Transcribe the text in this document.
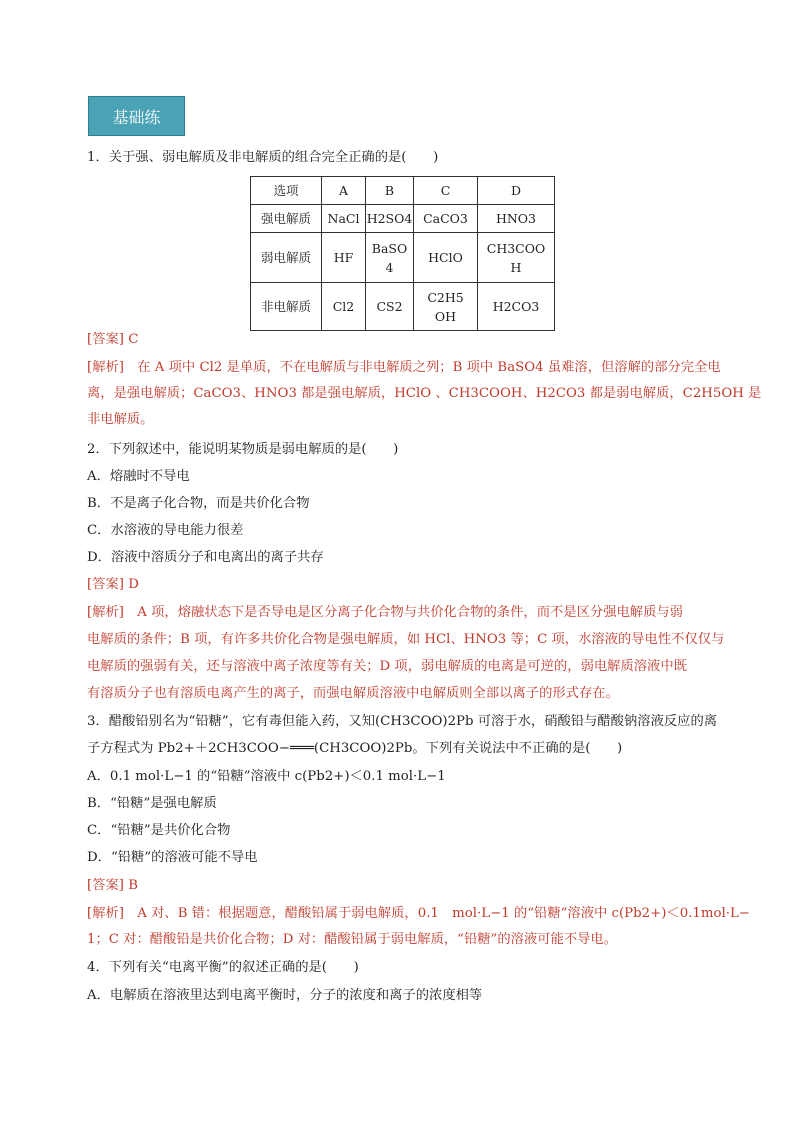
基础练
1．关于强、弱电解质及非电解质的组合完全正确的是(　　)
选项	A	B	C	D
强电解质	NaCl	H2SO4	CaCO3	HNO3
弱电解质	HF	BaSO4	HClO	CH3COOH
非电解质	Cl2	CS2	C2H5OH	H2CO3
[答案] C
[解析]　在 A 项中 Cl2 是单质，不在电解质与非电解质之列；B 项中 BaSO4 虽难溶，但溶解的部分完全电
离，是强电解质；CaCO3、HNO3 都是强电解质，HClO 、CH3COOH、H2CO3 都是弱电解质，C2H5OH 是
非电解质。
2．下列叙述中，能说明某物质是弱电解质的是(　　)
A．熔融时不导电
B．不是离子化合物，而是共价化合物
C．水溶液的导电能力很差
D．溶液中溶质分子和电离出的离子共存
[答案] D
[解析]　A 项，熔融状态下是否导电是区分离子化合物与共价化合物的条件，而不是区分强电解质与弱
电解质的条件；B 项，有许多共价化合物是强电解质，如 HCl、HNO3 等；C 项，水溶液的导电性不仅仅与
电解质的强弱有关，还与溶液中离子浓度等有关；D 项，弱电解质的电离是可逆的，弱电解质溶液中既
有溶质分子也有溶质电离产生的离子，而强电解质溶液中电解质则全部以离子的形式存在。
3．醋酸铅别名为“铅糖”，它有毒但能入药，又知(CH3COO)2Pb 可溶于水，硝酸铅与醋酸钠溶液反应的离
子方程式为 Pb2+＋2CH3COO−═══(CH3COO)2Pb。下列有关说法中不正确的是(　　)
A．0.1 mol·L−1 的“铅糖”溶液中 c(Pb2+)＜0.1 mol·L−1
B．“铅糖”是强电解质
C．“铅糖”是共价化合物
D．“铅糖”的溶液可能不导电
[答案] B
[解析]　A 对、B 错：根据题意，醋酸铅属于弱电解质，0.1　mol·L−1 的“铅糖”溶液中 c(Pb2+)＜0.1mol·L−
1；C 对：醋酸铅是共价化合物；D 对：醋酸铅属于弱电解质，“铅糖”的溶液可能不导电。
4．下列有关“电离平衡”的叙述正确的是(　　)
A．电解质在溶液里达到电离平衡时，分子的浓度和离子的浓度相等
